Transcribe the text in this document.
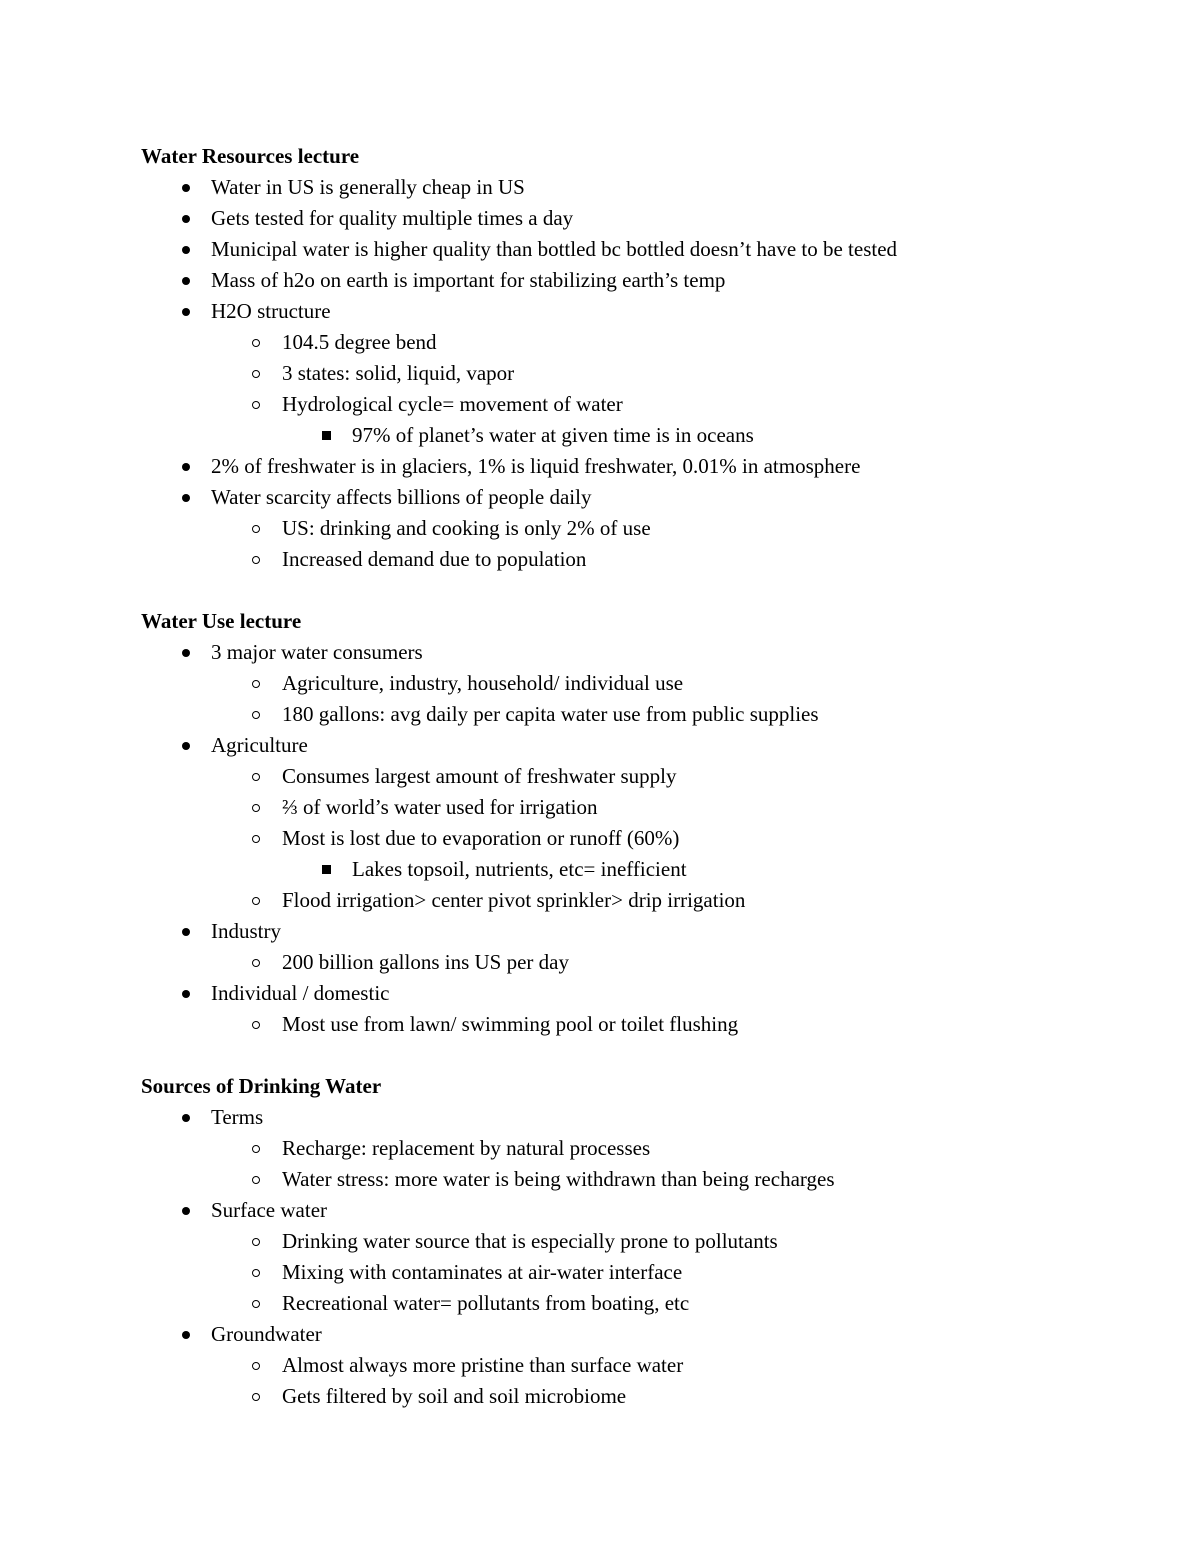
Water Resources lecture
Water in US is generally cheap in US
Gets tested for quality multiple times a day
Municipal water is higher quality than bottled bc bottled doesn’t have to be tested
Mass of h2o on earth is important for stabilizing earth’s temp
H2O structure
104.5 degree bend
3 states: solid, liquid, vapor
Hydrological cycle= movement of water
97% of planet’s water at given time is in oceans
2% of freshwater is in glaciers, 1% is liquid freshwater, 0.01% in atmosphere
Water scarcity affects billions of people daily
US: drinking and cooking is only 2% of use
Increased demand due to population
Water Use lecture
3 major water consumers
Agriculture, industry, household/ individual use
180 gallons: avg daily per capita water use from public supplies
Agriculture
Consumes largest amount of freshwater supply
⅔ of world’s water used for irrigation
Most is lost due to evaporation or runoff (60%)
Lakes topsoil, nutrients, etc= inefficient
Flood irrigation> center pivot sprinkler> drip irrigation
Industry
200 billion gallons ins US per day
Individual / domestic
Most use from lawn/ swimming pool or toilet flushing
Sources of Drinking Water
Terms
Recharge: replacement by natural processes
Water stress: more water is being withdrawn than being recharges
Surface water
Drinking water source that is especially prone to pollutants
Mixing with contaminates at air-water interface
Recreational water= pollutants from boating, etc
Groundwater
Almost always more pristine than surface water
Gets filtered by soil and soil microbiome
